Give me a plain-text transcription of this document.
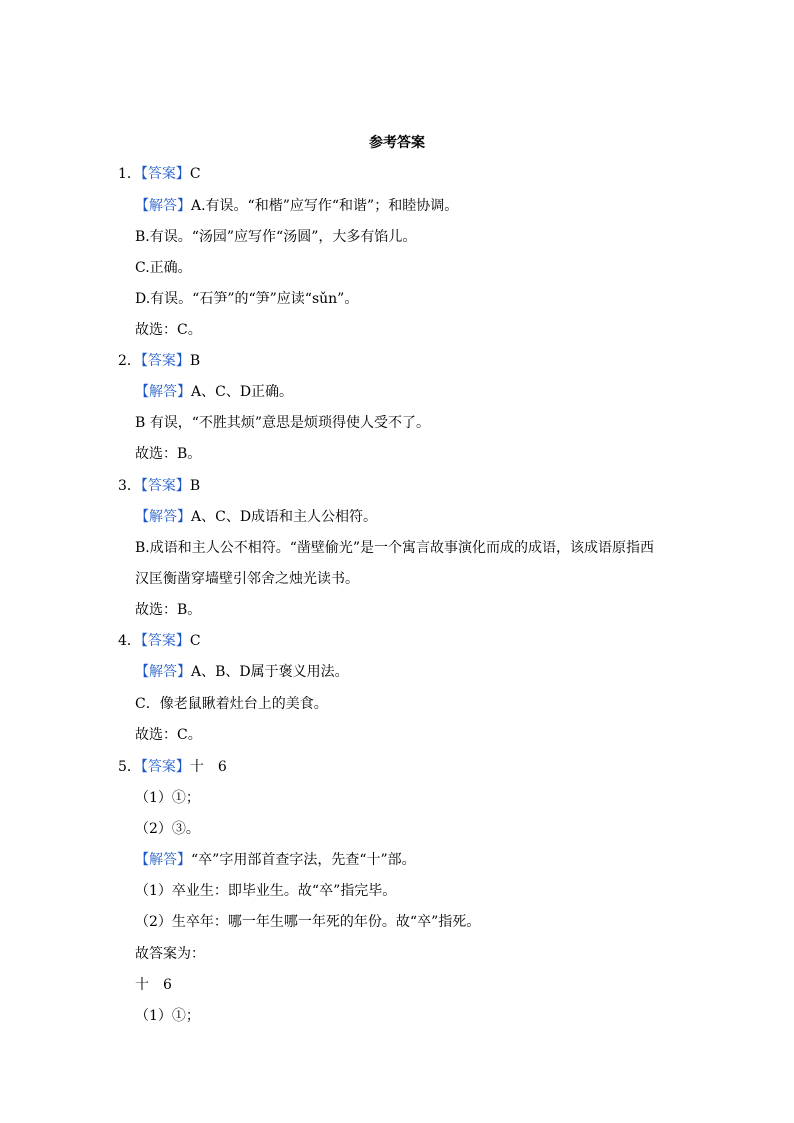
参考答案
1．【答案】C
【解答】A.有误。“和楷”应写作“和谐”；和睦协调。
B.有误。“汤园”应写作“汤圆”，大多有馅儿。
C.正确。
D.有误。“石笋”的“笋”应读“sǔn”。
故选：C。
2．【答案】B
【解答】A、C、D正确。
B 有误，“不胜其烦”意思是烦琐得使人受不了。
故选：B。
3．【答案】B
【解答】A、C、D成语和主人公相符。
B.成语和主人公不相符。“凿壁偷光”是一个寓言故事演化而成的成语，该成语原指西
汉匡衡凿穿墙壁引邻舍之烛光读书。
故选：B。
4．【答案】C
【解答】A、B、D属于褒义用法。
C．像老鼠瞅着灶台上的美食。
故选：C。
5．【答案】十　6
（1）①；
（2）③。
【解答】“卒”字用部首查字法，先查“十”部。
（1）卒业生：即毕业生。故“卒”指完毕。
（2）生卒年：哪一年生哪一年死的年份。故“卒”指死。
故答案为：
十　6
（1）①；
